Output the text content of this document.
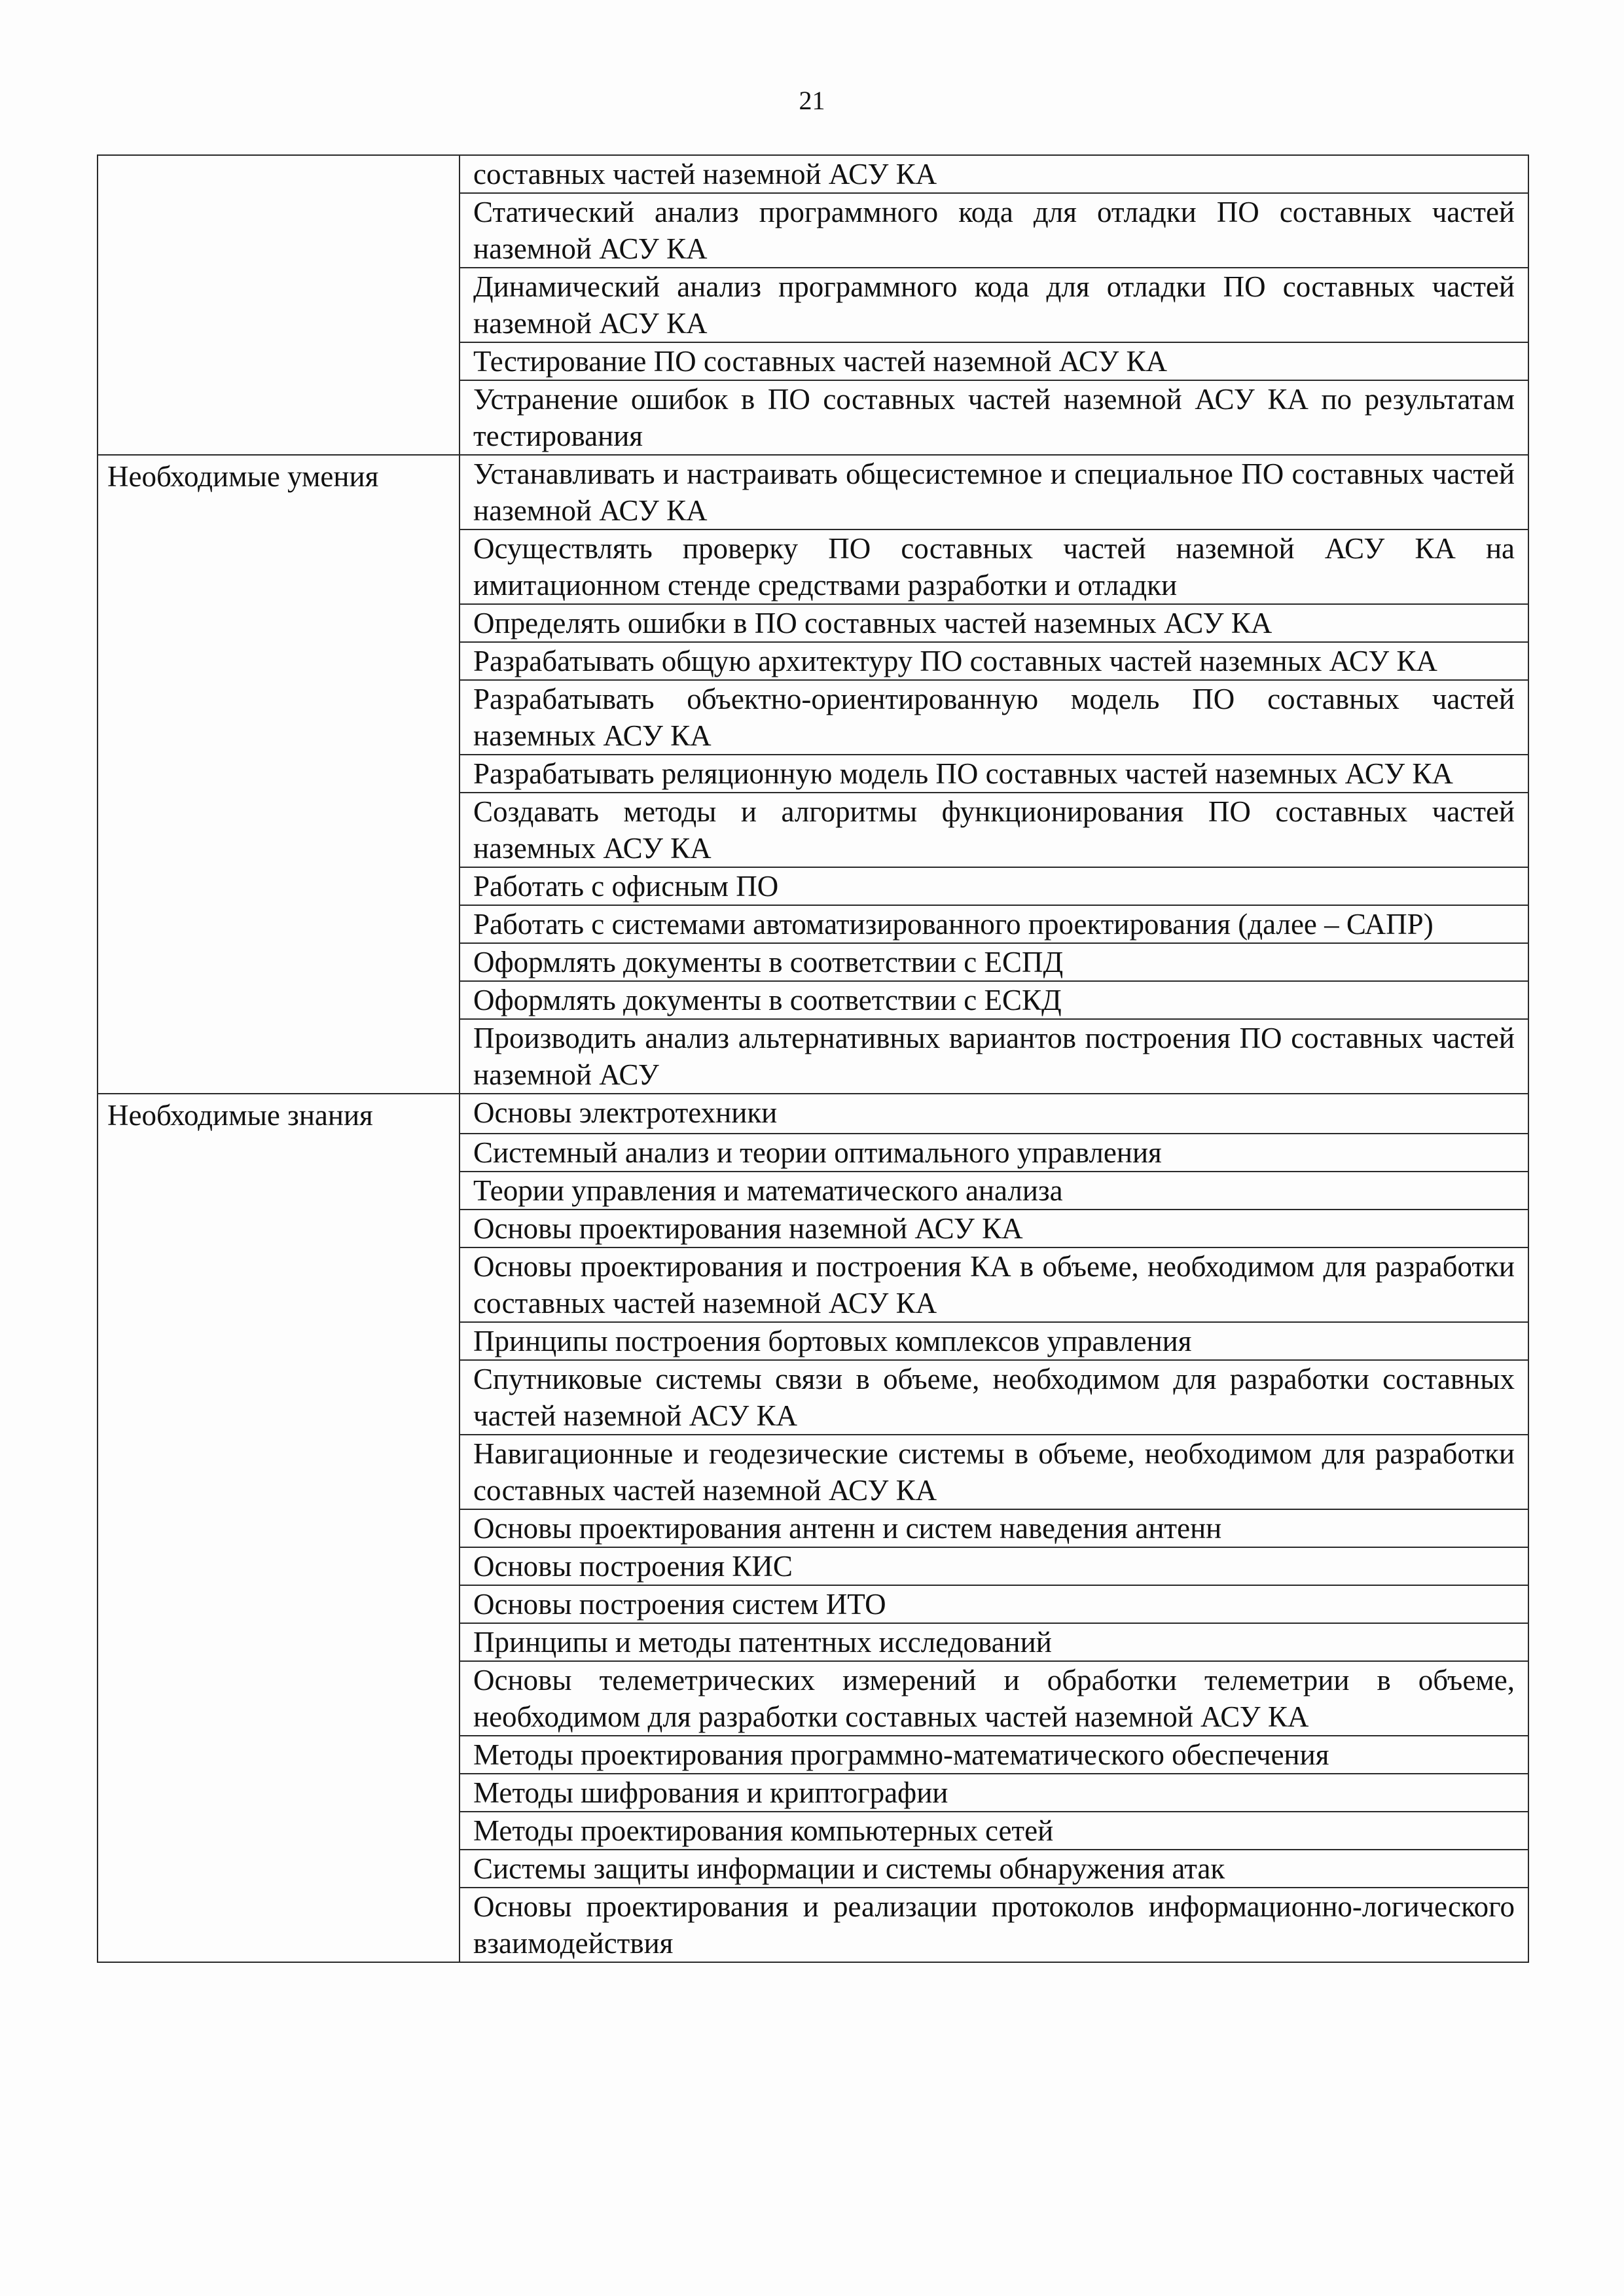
21
	составных частей наземной АСУ КА
	Статический анализ программного кода для отладки ПО составных частей наземной АСУ КА
	Динамический анализ программного кода для отладки ПО составных частей наземной АСУ КА
	Тестирование ПО составных частей наземной АСУ КА
	Устранение ошибок в ПО составных частей наземной АСУ КА по результатам тестирования
Необходимые умения	Устанавливать и настраивать общесистемное и специальное ПО составных частей наземной АСУ КА
	Осуществлять проверку ПО составных частей наземной АСУ КА на имитационном стенде средствами разработки и отладки
	Определять ошибки в ПО составных частей наземных АСУ КА
	Разрабатывать общую архитектуру ПО составных частей наземных АСУ КА
	Разрабатывать объектно-ориентированную модель ПО составных частей наземных АСУ КА
	Разрабатывать реляционную модель ПО составных частей наземных АСУ КА
	Создавать методы и алгоритмы функционирования ПО составных частей наземных АСУ КА
	Работать с офисным ПО
	Работать с системами автоматизированного проектирования (далее – САПР)
	Оформлять документы в соответствии с ЕСПД
	Оформлять документы в соответствии с ЕСКД
	Производить анализ альтернативных вариантов построения ПО составных частей наземной АСУ
Необходимые знания	Основы электротехники
	Системный анализ и теории оптимального управления
	Теории управления и математического анализа
	Основы проектирования наземной АСУ КА
	Основы проектирования и построения КА в объеме, необходимом для разработки составных частей наземной АСУ КА
	Принципы построения бортовых комплексов управления
	Спутниковые системы связи в объеме, необходимом для разработки составных частей наземной АСУ КА
	Навигационные и геодезические системы в объеме, необходимом для разработки составных частей наземной АСУ КА
	Основы проектирования антенн и систем наведения антенн
	Основы построения КИС
	Основы построения систем ИТО
	Принципы и методы патентных исследований
	Основы телеметрических измерений и обработки телеметрии в объеме, необходимом для разработки составных частей наземной АСУ КА
	Методы проектирования программно-математического обеспечения
	Методы шифрования и криптографии
	Методы проектирования компьютерных сетей
	Системы защиты информации и системы обнаружения атак
	Основы проектирования и реализации протоколов информационно-логического взаимодействия
